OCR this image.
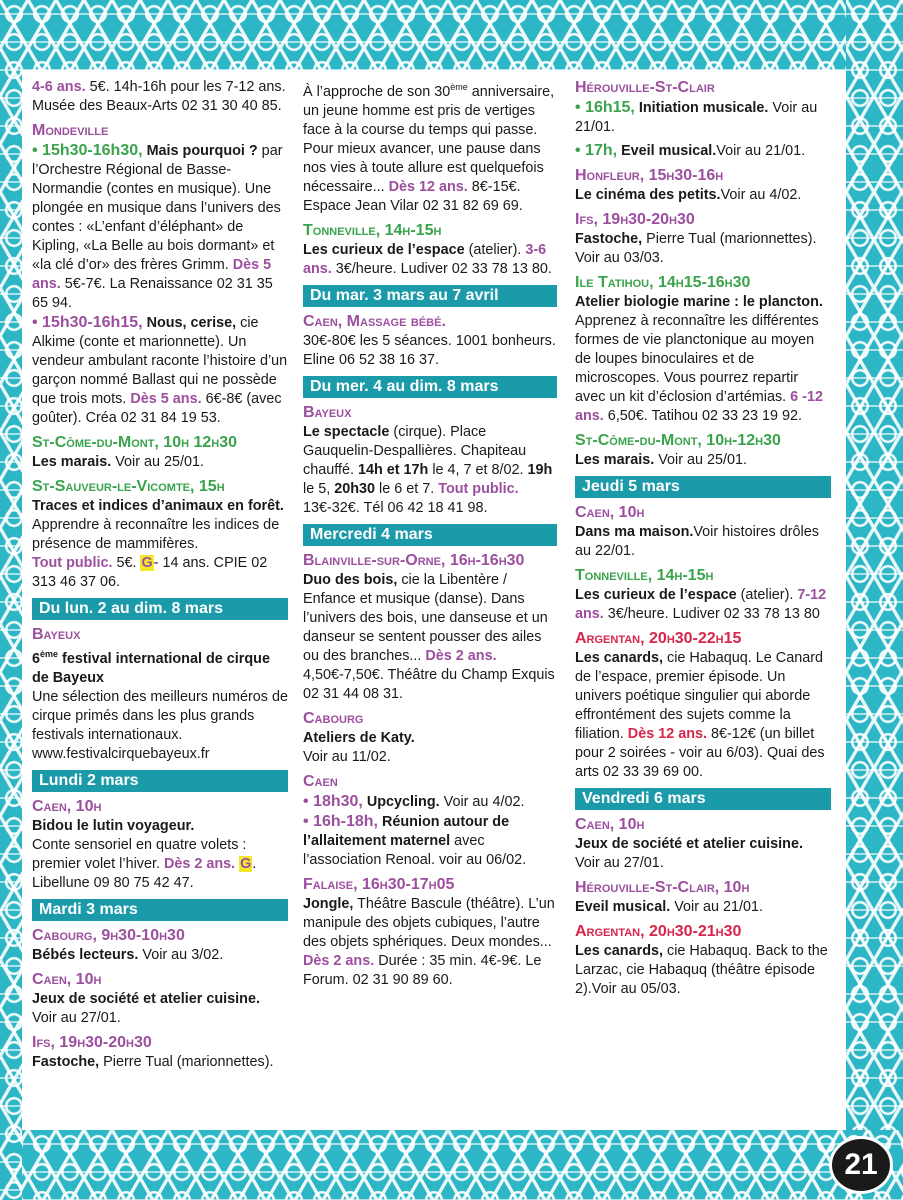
4-6 ans. 5€. 14h-16h pour les 7-12 ans. Musée des Beaux-Arts 02 31 30 40 85.

Mondeville

• 15h30-16h30, Mais pourquoi ? par l’Orchestre Régional de Basse-Normandie (contes en musique). Une plongée en musique dans l’univers des contes : «L’enfant d’éléphant» de Kipling, «La Belle au bois dormant» et «la clé d’or» des frères Grimm. Dès 5 ans. 5€-7€. La Renaissance 02 31 35 65 94.

• 15h30-16h15, Nous, cerise, cie Alkime (conte et marionnette). Un vendeur ambulant raconte l’histoire d’un garçon nommé Ballast qui ne possède que trois mots. Dès 5 ans. 6€-8€ (avec goûter). Créa 02 31 84 19 53.

St-Côme-du-Mont, 10h 12h30

Les marais. Voir au 25/01.

St-Sauveur-le-Vicomte, 15h

Traces et indices d’animaux en forêt.

Apprendre à reconnaître les indices de présence de mammifères.

Tout public. 5€. G- 14 ans. CPIE 02 313 46 37 06.

Du lun. 2 au dim. 8 mars
Bayeux

6ème festival international de cirque de Bayeux

Une sélection des meilleurs numéros de cirque primés dans les plus grands festivals internationaux. www.festivalcirquebayeux.fr

Lundi 2 mars
Caen, 10h

Bidou le lutin voyageur.

Conte sensoriel en quatre volets : premier volet l’hiver. Dès 2 ans. G. Libellune 09 80 75 42 47.

Mardi 3 mars
Cabourg, 9h30-10h30

Bébés lecteurs. Voir au 3/02.

Caen, 10h

Jeux de société et atelier cuisine.

Voir au 27/01.

Ifs, 19h30-20h30

Fastoche, Pierre Tual (marionnettes).

À l’approche de son 30ème anniversaire, un jeune homme est pris de vertiges face à la course du temps qui passe. Pour mieux avancer, une pause dans nos vies à toute allure est quelquefois nécessaire... Dès 12 ans. 8€-15€. Espace Jean Vilar 02 31 82 69 69.

Tonneville, 14h-15h

Les curieux de l’espace (atelier). 3-6 ans. 3€/heure. Ludiver 02 33 78 13 80.

Du mar. 3 mars au 7 avril
Caen, Massage bébé.

30€-80€ les 5 séances. 1001 bonheurs. Eline 06 52 38 16 37.

Du mer. 4 au dim. 8 mars
Bayeux

Le spectacle (cirque). Place Gauquelin-Despallières. Chapiteau chauffé. 14h et 17h le 4, 7 et 8/02. 19h le 5, 20h30 le 6 et 7. Tout public. 13€-32€. Tél 06 42 18 41 98.

Mercredi 4 mars
Blainville-sur-Orne, 16h-16h30

Duo des bois, cie la Libentère / Enfance et musique (danse). Dans l’univers des bois, une danseuse et un danseur se sentent pousser des ailes ou des branches... Dès 2 ans. 4,50€-7,50€. Théâtre du Champ Exquis 02 31 44 08 31.

Cabourg

Ateliers de Katy.

Voir au 11/02.

Caen

• 18h30, Upcycling. Voir au 4/02.

• 16h-18h, Réunion autour de l’allaitement maternel avec l’association Renoal. voir au 06/02.

Falaise, 16h30-17h05

Jongle, Théâtre Bascule (théâtre). L’un manipule des objets cubiques, l’autre des objets sphériques. Deux mondes... Dès 2 ans. Durée : 35 min. 4€-9€. Le Forum. 02 31 90 89 60.

Hérouville-St-Clair

• 16h15, Initiation musicale. Voir au 21/01.

• 17h, Eveil musical.Voir au 21/01.

Honfleur, 15h30-16h

Le cinéma des petits.Voir au 4/02.

Ifs, 19h30-20h30

Fastoche, Pierre Tual (marionnettes). Voir au 03/03.

Ile Tatihou, 14h15-16h30

Atelier biologie marine : le plancton.

Apprenez à reconnaître les différentes formes de vie planctonique au moyen de loupes binoculaires et de microscopes. Vous pourrez repartir avec un kit d’éclosion d’artémias. 6 -12 ans. 6,50€. Tatihou 02 33 23 19 92.

St-Côme-du-Mont, 10h-12h30

Les marais. Voir au 25/01.

Jeudi 5 mars
Caen, 10h

Dans ma maison.Voir histoires drôles au 22/01.

Tonneville, 14h-15h

Les curieux de l’espace (atelier). 7-12 ans. 3€/heure. Ludiver 02 33 78 13 80

Argentan, 20h30-22h15

Les canards, cie Habaquq. Le Canard de l’espace, premier épisode. Un univers poétique singulier qui aborde effrontément des sujets comme la filiation. Dès 12 ans. 8€-12€ (un billet pour 2 soirées - voir au 6/03). Quai des arts 02 33 39 69 00.

Vendredi 6 mars
Caen, 10h

Jeux de société et atelier cuisine.

Voir au 27/01.

Hérouville-St-Clair, 10h

Eveil musical. Voir au 21/01.

Argentan, 20h30-21h30

Les canards, cie Habaquq. Back to the Larzac, cie Habaquq (théâtre épisode 2).Voir au 05/03.

21
